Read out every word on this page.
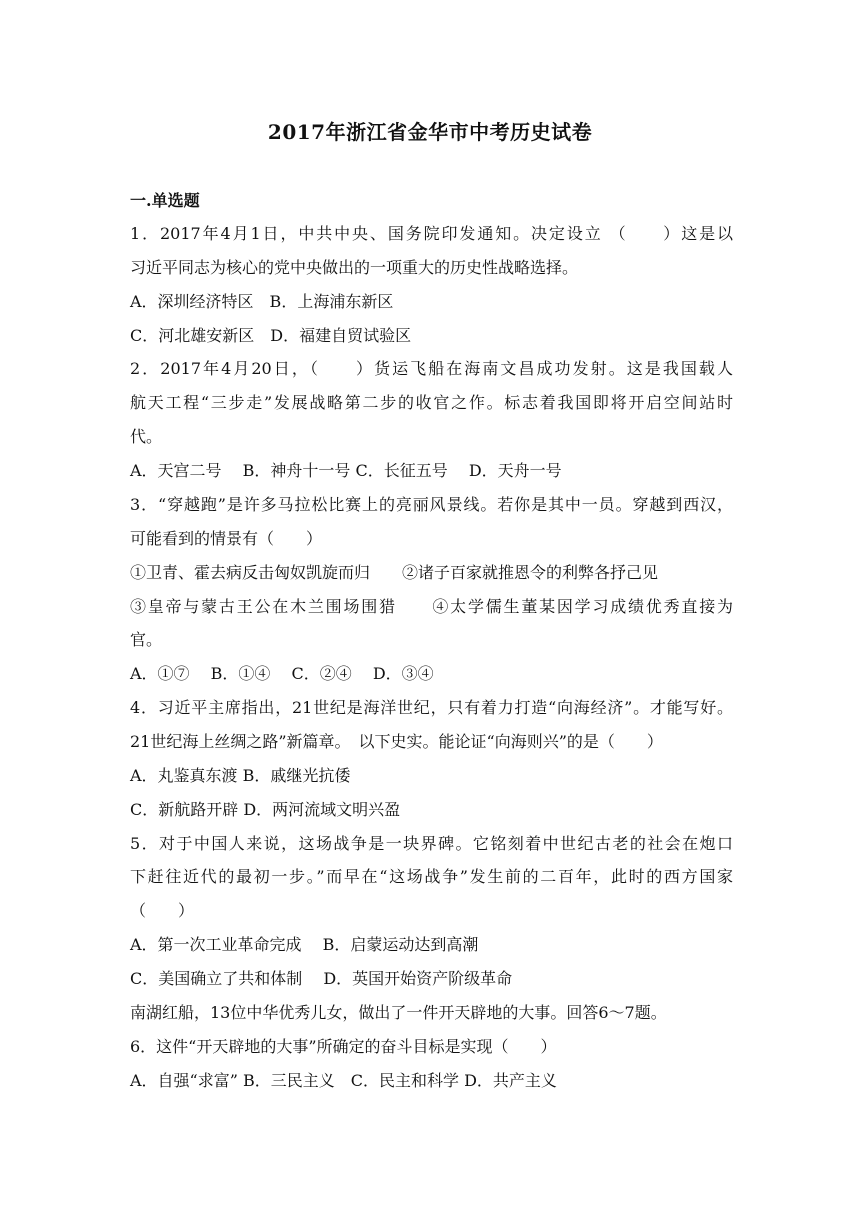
2017年浙江省金华市中考历史试卷
一.单选题
1．2017年4月1日，中共中央、国务院印发通知。决定设立 （　　）这是以
习近平同志为核心的党中央做出的一项重大的历史性战略选择。
A．深圳经济特区　B．上海浦东新区
C．河北雄安新区　D．福建自贸试验区
2．2017年4月20日，（　　）货运飞船在海南文昌成功发射。这是我国载人
航天工程“三步走”发展战略第二步的收官之作。标志着我国即将开启空间站时
代。
A．天宫二号　 B．神舟十一号 C．长征五号　 D．天舟一号
3．“穿越跑”是许多马拉松比赛上的亮丽风景线。若你是其中一员。穿越到西汉，
可能看到的情景有（　　）
①卫青、霍去病反击匈奴凯旋而归　　②诸子百家就推恩令的利弊各抒己见
③皇帝与蒙古王公在木兰围场围猎　　④太学儒生董某因学习成绩优秀直接为
官。
A．①⑦　 B．①④　 C．②④　 D．③④
4．习近平主席指出，21世纪是海洋世纪，只有着力打造“向海经济”。才能写好。
21世纪海上丝绸之路”新篇章。　以下史实。能论证“向海则兴”的是（　　）
A．丸鉴真东渡 B．戚继光抗倭
C．新航路开辟 D．两河流域文明兴盈
5．对于中国人来说，这场战争是一块界碑。它铭刻着中世纪古老的社会在炮口
下赶往近代的最初一步。”而早在“这场战争”发生前的二百年，此时的西方国家
（　　）
A．第一次工业革命完成　 B．启蒙运动达到高潮
C．美国确立了共和体制　 D．英国开始资产阶级革命
南湖红船，13位中华优秀儿女，做出了一件开天辟地的大事。回答6～7题。
6．这件“开天辟地的大事”所确定的奋斗目标是实现（　　）
A．自强“求富” B．三民主义　C．民主和科学 D．共产主义
